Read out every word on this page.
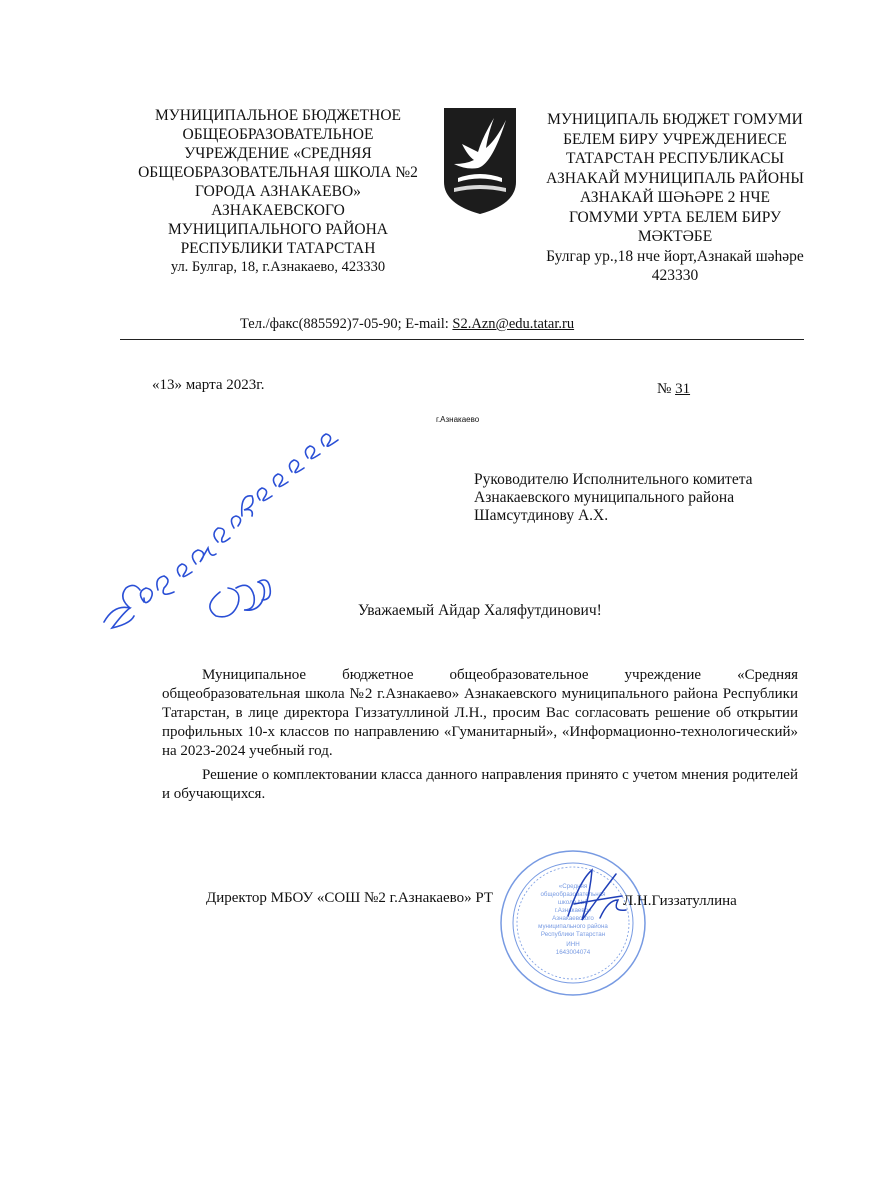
МУНИЦИПАЛЬНОЕ БЮДЖЕТНОЕ
ОБЩЕОБРАЗОВАТЕЛЬНОЕ
УЧРЕЖДЕНИЕ «СРЕДНЯЯ
ОБЩЕОБРАЗОВАТЕЛЬНАЯ ШКОЛА №2
ГОРОДА АЗНАКАЕВО»
АЗНАКАЕВСКОГО
МУНИЦИПАЛЬНОГО РАЙОНА
РЕСПУБЛИКИ ТАТАРСТАН
ул. Булгар, 18, г.Азнакаево, 423330
МУНИЦИПАЛЬ БЮДЖЕТ ГОМУМИ
БЕЛЕМ БИРУ УЧРЕЖДЕНИЕСЕ
ТАТАРСТАН РЕСПУБЛИКАСЫ
АЗНАКАЙ МУНИЦИПАЛЬ РАЙОНЫ
АЗНАКАЙ ШӘҺӘРЕ 2 НЧЕ
ГОМУМИ УРТА БЕЛЕМ БИРУ
МӘКТӘБЕ
Булгар ур.,18 нче йорт,Азнакай шәһәре
423330
Тел./факс(885592)7-05-90; E-mail: S2.Azn@edu.tatar.ru
«13» марта 2023г.	№ 31
г.Азнакаево
Руководителю Исполнительного комитета
Азнакаевского муниципального района
Шамсутдинову А.Х.
Уважаемый Айдар Халяфутдинович!

Муниципальное бюджетное общеобразовательное учреждение «Средняя общеобразовательная школа №2 г.Азнакаево» Азнакаевского муниципального района Республики Татарстан, в лице директора Гиззатуллиной Л.Н., просим Вас согласовать решение об открытии профильных 10-х классов по направлению «Гуманитарный», «Информационно-технологический» на 2023-2024 учебный год.

Решение о комплектовании класса данного направления принято с учетом мнения родителей и обучающихся.

«Средняя
общеобразовательная
школа №2
г.Азнакаево»
Азнакаевского
муниципального района
Республики Татарстан
ИНН
1643004074
Директор МБОУ «СОШ №2 г.Азнакаево» РТ	Л.Н.Гиззатуллина
